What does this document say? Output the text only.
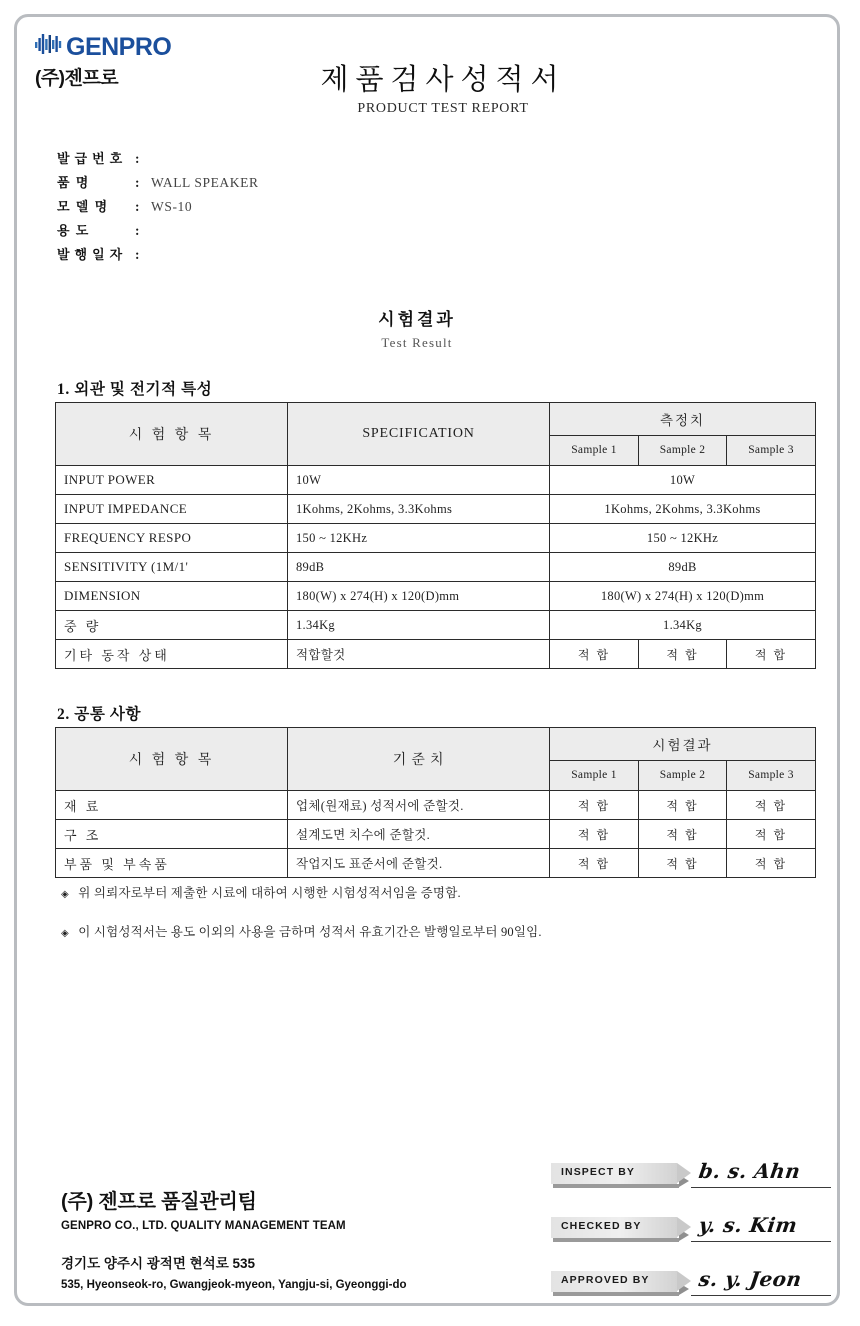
GENPRO
(주)젠프로	제품검사성적서
PRODUCT TEST REPORT
발급번호 :
품 명	: WALL SPEAKER
모 델 명	: WS-10
용 도	:
발행일자 :
시험결과
Test Result
1. 외관 및 전기적 특성
시 험 항 목	SPECIFICATION	측정치		
		Sample 1	Sample 2	Sample 3
INPUT POWER	10W	10W		
INPUT IMPEDANCE	1Kohms, 2Kohms, 3.3Kohms	1Kohms, 2Kohms, 3.3Kohms		
FREQUENCY RESPO	150 ~ 12KHz	150 ~ 12KHz		
SENSITIVITY (1M/1'	89dB	89dB		
DIMENSION	180(W) x 274(H) x 120(D)mm	180(W) x 274(H) x 120(D)mm		
중 량	1.34Kg	1.34Kg		
기타 동작 상태	적합할것	적 합	적 합	적 합
2. 공통 사항
시 험 항 목	기 준 치	시험결과		
		Sample 1	Sample 2	Sample 3
재 료	업체(원재료) 성적서에 준할것.	적 합	적 합	적 합
구 조	설계도면 치수에 준할것.	적 합	적 합	적 합
부품 및 부속품	작업지도 표준서에 준할것.	적 합	적 합	적 합
◈ 위 의뢰자로부터 제출한 시료에 대하여 시행한 시험성적서임을 증명함.
◈ 이 시험성적서는 용도 이외의 사용을 금하며 성적서 유효기간은 발행일로부터 90일임.
(주) 젠프로 품질관리팀
GENPRO CO., LTD. QUALITY MANAGEMENT TEAM
경기도 양주시 광적면 현석로 535
535, Hyeonseok-ro, Gwangjeok-myeon, Yangju-si, Gyeonggi-do
INSPECT BY	b. s. Ahn
CHECKED BY	y. s. Kim
APPROVED BY s. y. Jeon
